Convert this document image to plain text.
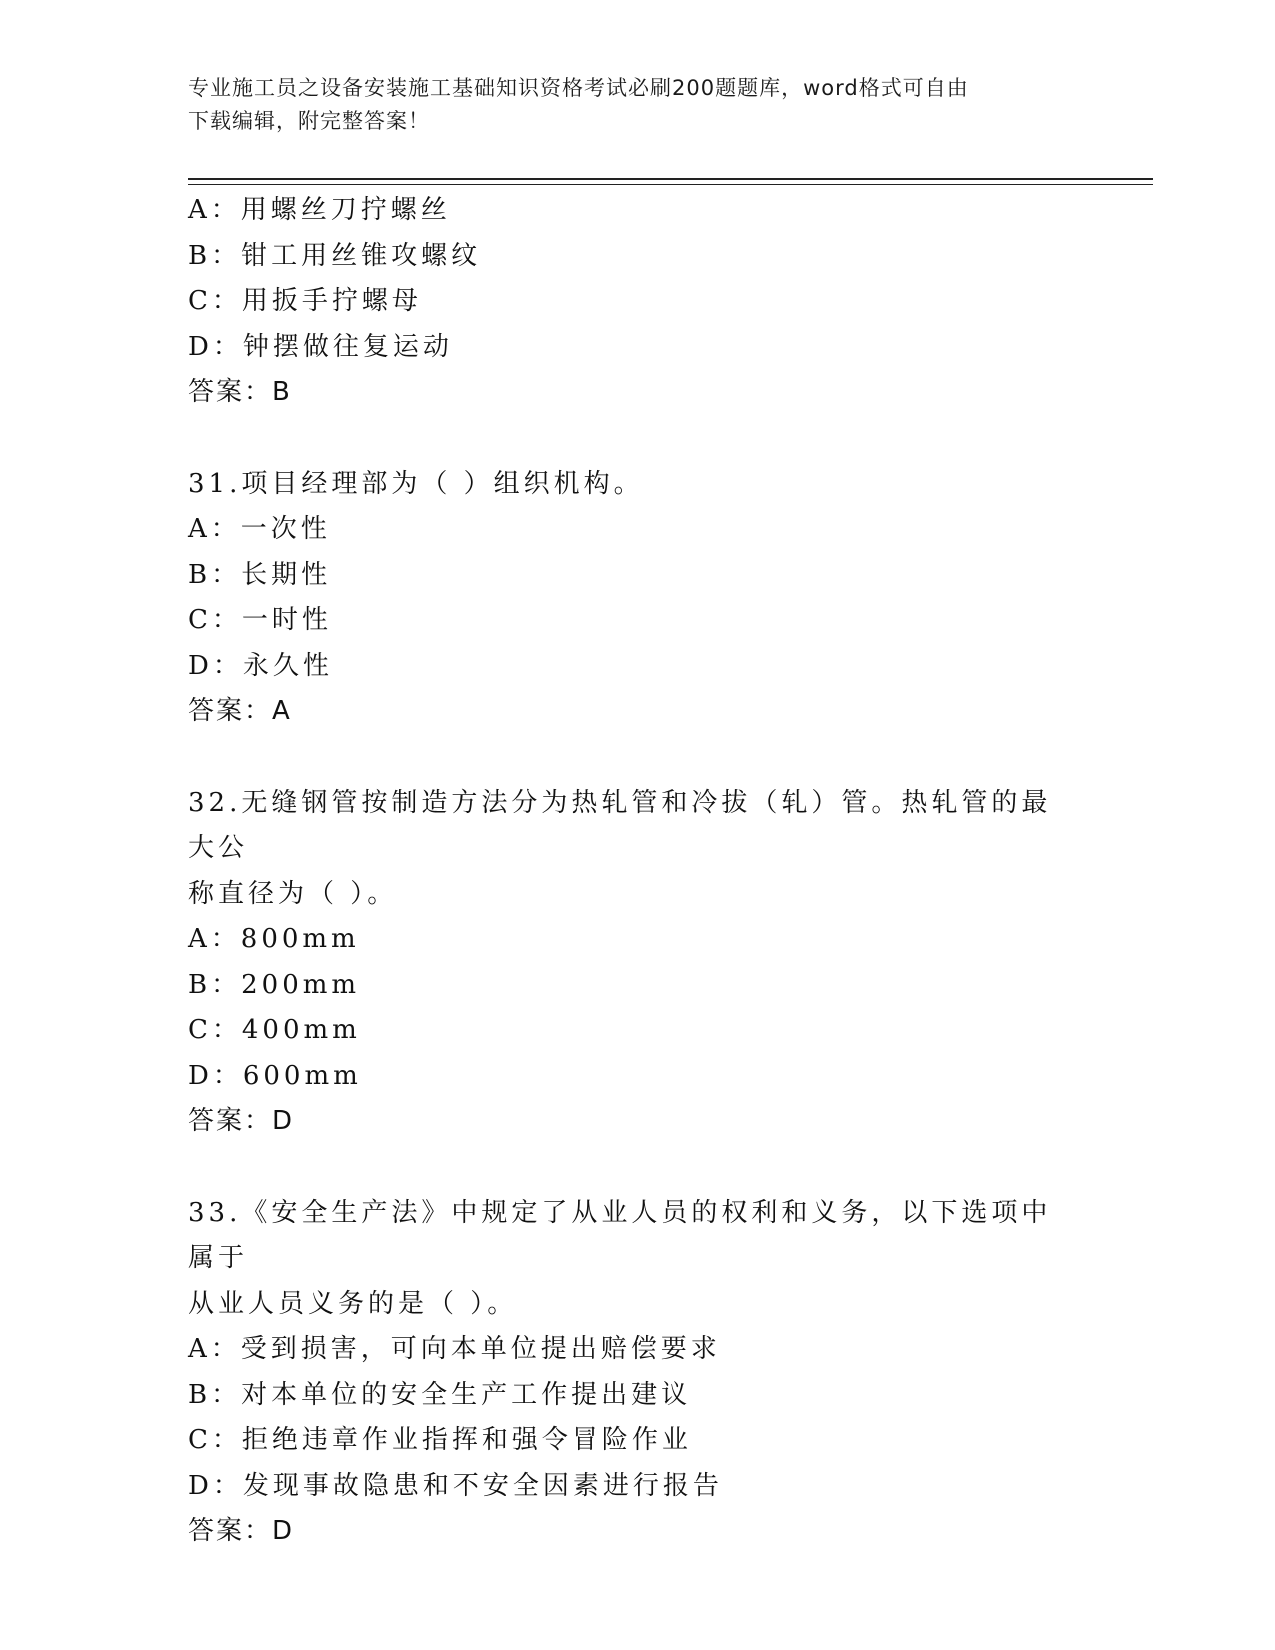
专业施工员之设备安装施工基础知识资格考试必刷200题题库，word格式可自由
下载编辑，附完整答案！
A：用螺丝刀拧螺丝
B：钳工用丝锥攻螺纹
C：用扳手拧螺母
D：钟摆做往复运动
答案：B
31.项目经理部为（ ）组织机构。
A：一次性
B：长期性
C：一时性
D：永久性
答案：A
32.无缝钢管按制造方法分为热轧管和冷拔（轧）管。热轧管的最大公
称直径为（ ）。
A：800mm
B：200mm
C：400mm
D：600mm
答案：D
33.《安全生产法》中规定了从业人员的权利和义务，以下选项中属于
从业人员义务的是（ ）。
A：受到损害，可向本单位提出赔偿要求
B：对本单位的安全生产工作提出建议
C：拒绝违章作业指挥和强令冒险作业
D：发现事故隐患和不安全因素进行报告
答案：D
